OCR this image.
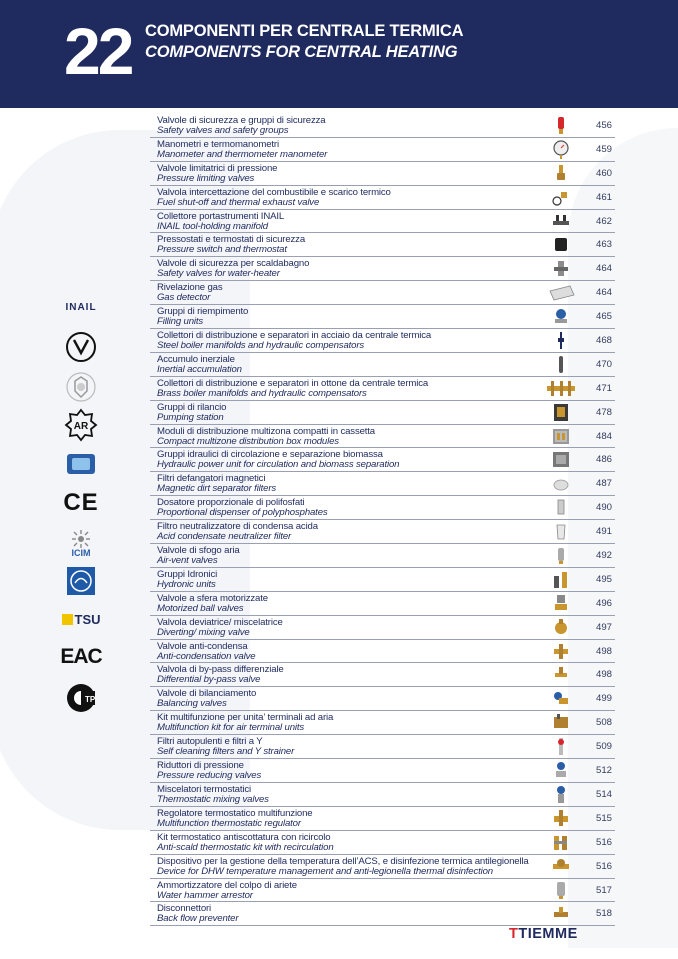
22 COMPONENTI PER CENTRALE TERMICA
COMPONENTS FOR CENTRAL HEATING
INAIL
AR
CE
ICIM
TSU
EAC
TP
Valvole di sicurezza e gruppi di sicurezza
Safety valves and safety groups	456
Manometri e termomanometri
Manometer and thermometer manometer	459
Valvole limitatrici di pressione
Pressure limiting valves	460
Valvola intercettazione del combustibile e scarico termico
Fuel shut-off and thermal exhaust valve	461
Collettore portastrumenti INAIL
INAIL tool-holding manifold	462
Pressostati e termostati di sicurezza
Pressure switch and thermostat	463
Valvole di sicurezza per scaldabagno
Safety valves for water-heater	464
Rivelazione gas
Gas detector	464
Gruppi di riempimento
Filling units	465
Collettori di distribuzione e separatori in acciaio da centrale termica
Steel boiler manifolds and hydraulic compensators	468
Accumulo inerziale
Inertial accumulation	470
Collettori di distribuzione e separatori in ottone da centrale termica
Brass boiler manifolds and hydraulic compensators	471
Gruppi di rilancio
Pumping station	478
Moduli di distribuzione multizona compatti in cassetta
Compact multizone distribution box modules	484
Gruppi idraulici di circolazione e separazione biomassa
Hydraulic power unit for circulation and biomass separation	486
Filtri defangatori magnetici
Magnetic dirt separator filters	487
Dosatore proporzionale di polifosfati
Proportional dispenser of polyphosphates	490
Filtro neutralizzatore di condensa acida
Acid condensate neutralizer filter	491
Valvole di sfogo aria
Air-vent valves	492
Gruppi Idronici
Hydronic units	495
Valvole a sfera motorizzate
Motorized ball valves	496
Valvola deviatrice/ miscelatrice
Diverting/ mixing valve	497
Valvole anti-condensa
Anti-condensation valve	498
Valvola di by-pass differenziale
Differential by-pass valve	498
Valvole di bilanciamento
Balancing valves	499
Kit multifunzione per unita’ terminali ad aria
Multifunction kit for air terminal units	508
Filtri autopulenti e filtri a Y
Self cleaning filters and Y strainer	509
Riduttori di pressione
Pressure reducing valves	512
Miscelatori termostatici
Thermostatic mixing valves	514
Regolatore termostatico multifunzione
Multifunction thermostatic regulator	515
Kit termostatico antiscottatura con ricircolo
Anti-scald thermostatic kit with recirculation	516
Dispositivo per la gestione della temperatura dell’ACS, e disinfezione termica antilegionella
Device for DHW temperature management and anti-legionella thermal disinfection	516
Ammortizzatore del colpo di ariete
Water hammer arrestor	517
Disconnettori
Back flow preventer	518
TTIEMME
